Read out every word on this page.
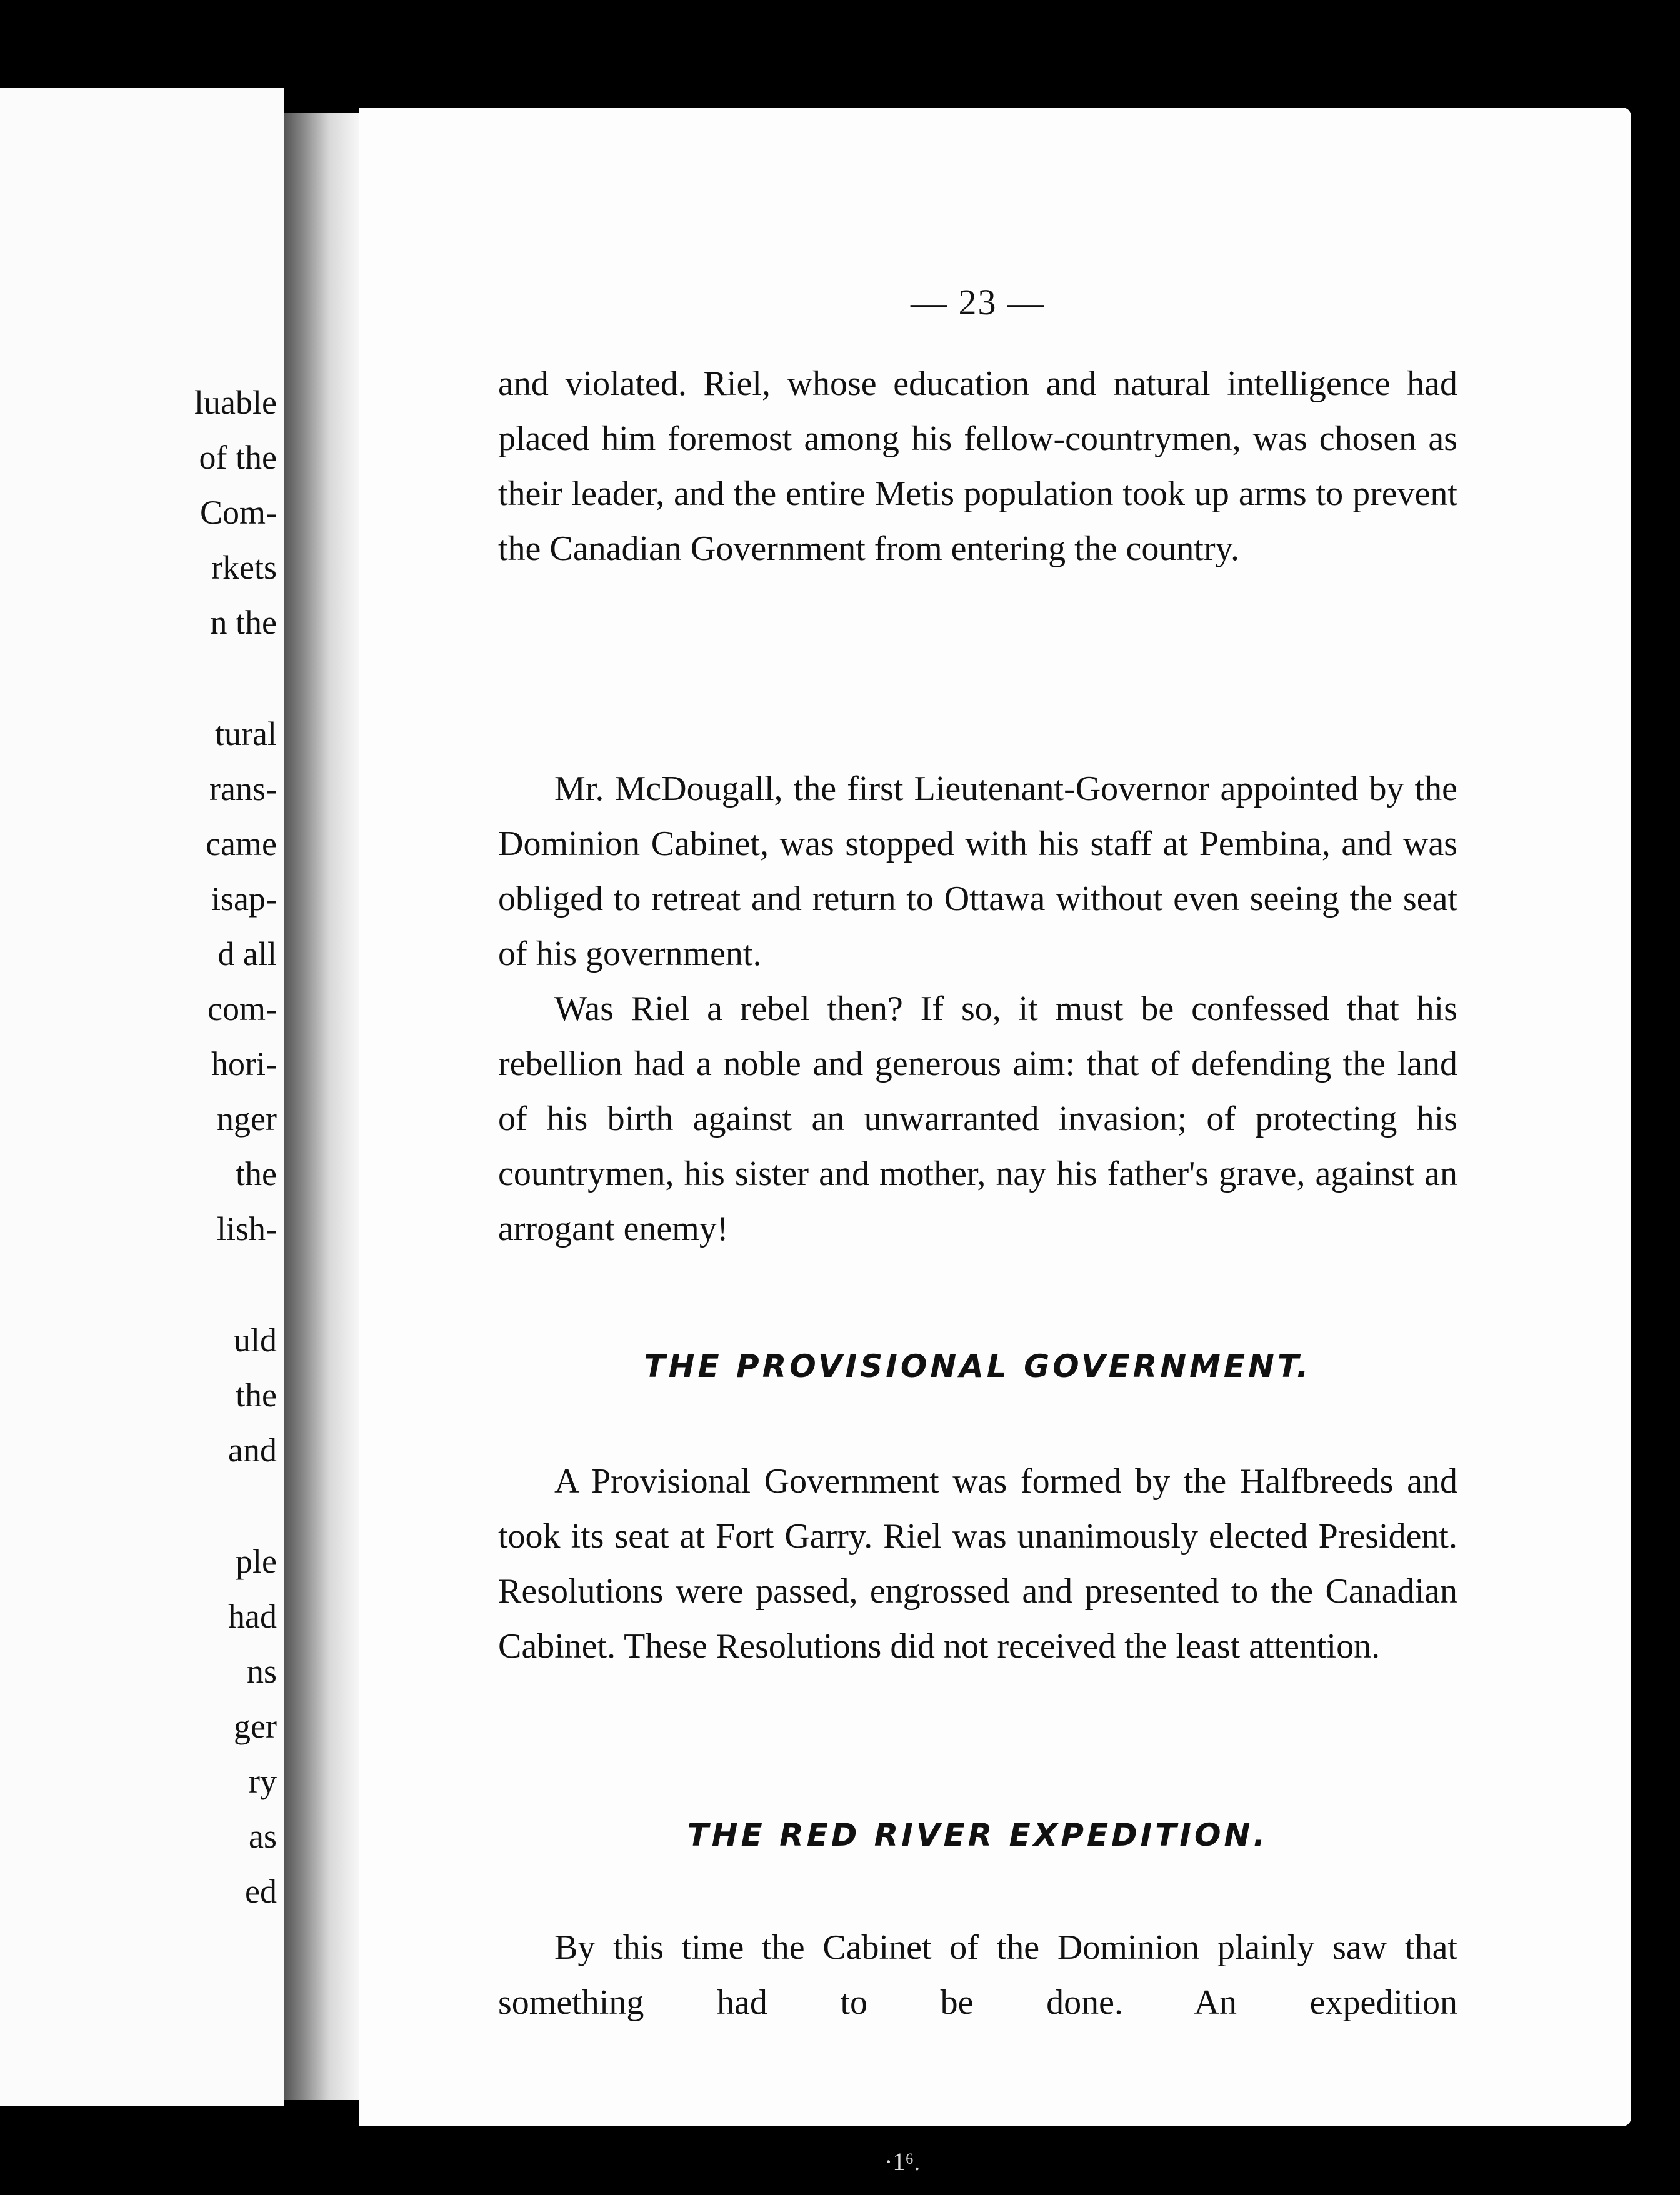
luable
of the
Com-
rkets
n the
tural
rans-
came
isap-
d all
com-
hori-
nger
the
lish-
uld
the
and
ple
had
ns
ger
ry
as
ed
— 23 —

and violated. Riel, whose education and natural intelligence had placed him foremost among his fellow-countrymen, was chosen as their leader, and the entire Metis population took up arms to prevent the Canadian Government from entering the country.

Mr. McDougall, the first Lieutenant-Governor appointed by the Dominion Cabinet, was stopped with his staff at Pembina, and was obliged to retreat and return to Ottawa without even seeing the seat of his government.

Was Riel a rebel then? If so, it must be confessed that his rebellion had a noble and generous aim: that of defending the land of his birth against an unwarranted invasion; of protecting his countrymen, his sister and mother, nay his father's grave, against an arrogant enemy!

THE PROVISIONAL GOVERNMENT.

A Provisional Government was formed by the Halfbreeds and took its seat at Fort Garry. Riel was unanimously elected President. Resolutions were passed, engrossed and presented to the Canadian Cabinet. These Resolutions did not received the least attention.

THE RED RIVER EXPEDITION.

By this time the Cabinet of the Dominion plainly saw that something had to be done. An expedition

·1⁶.
